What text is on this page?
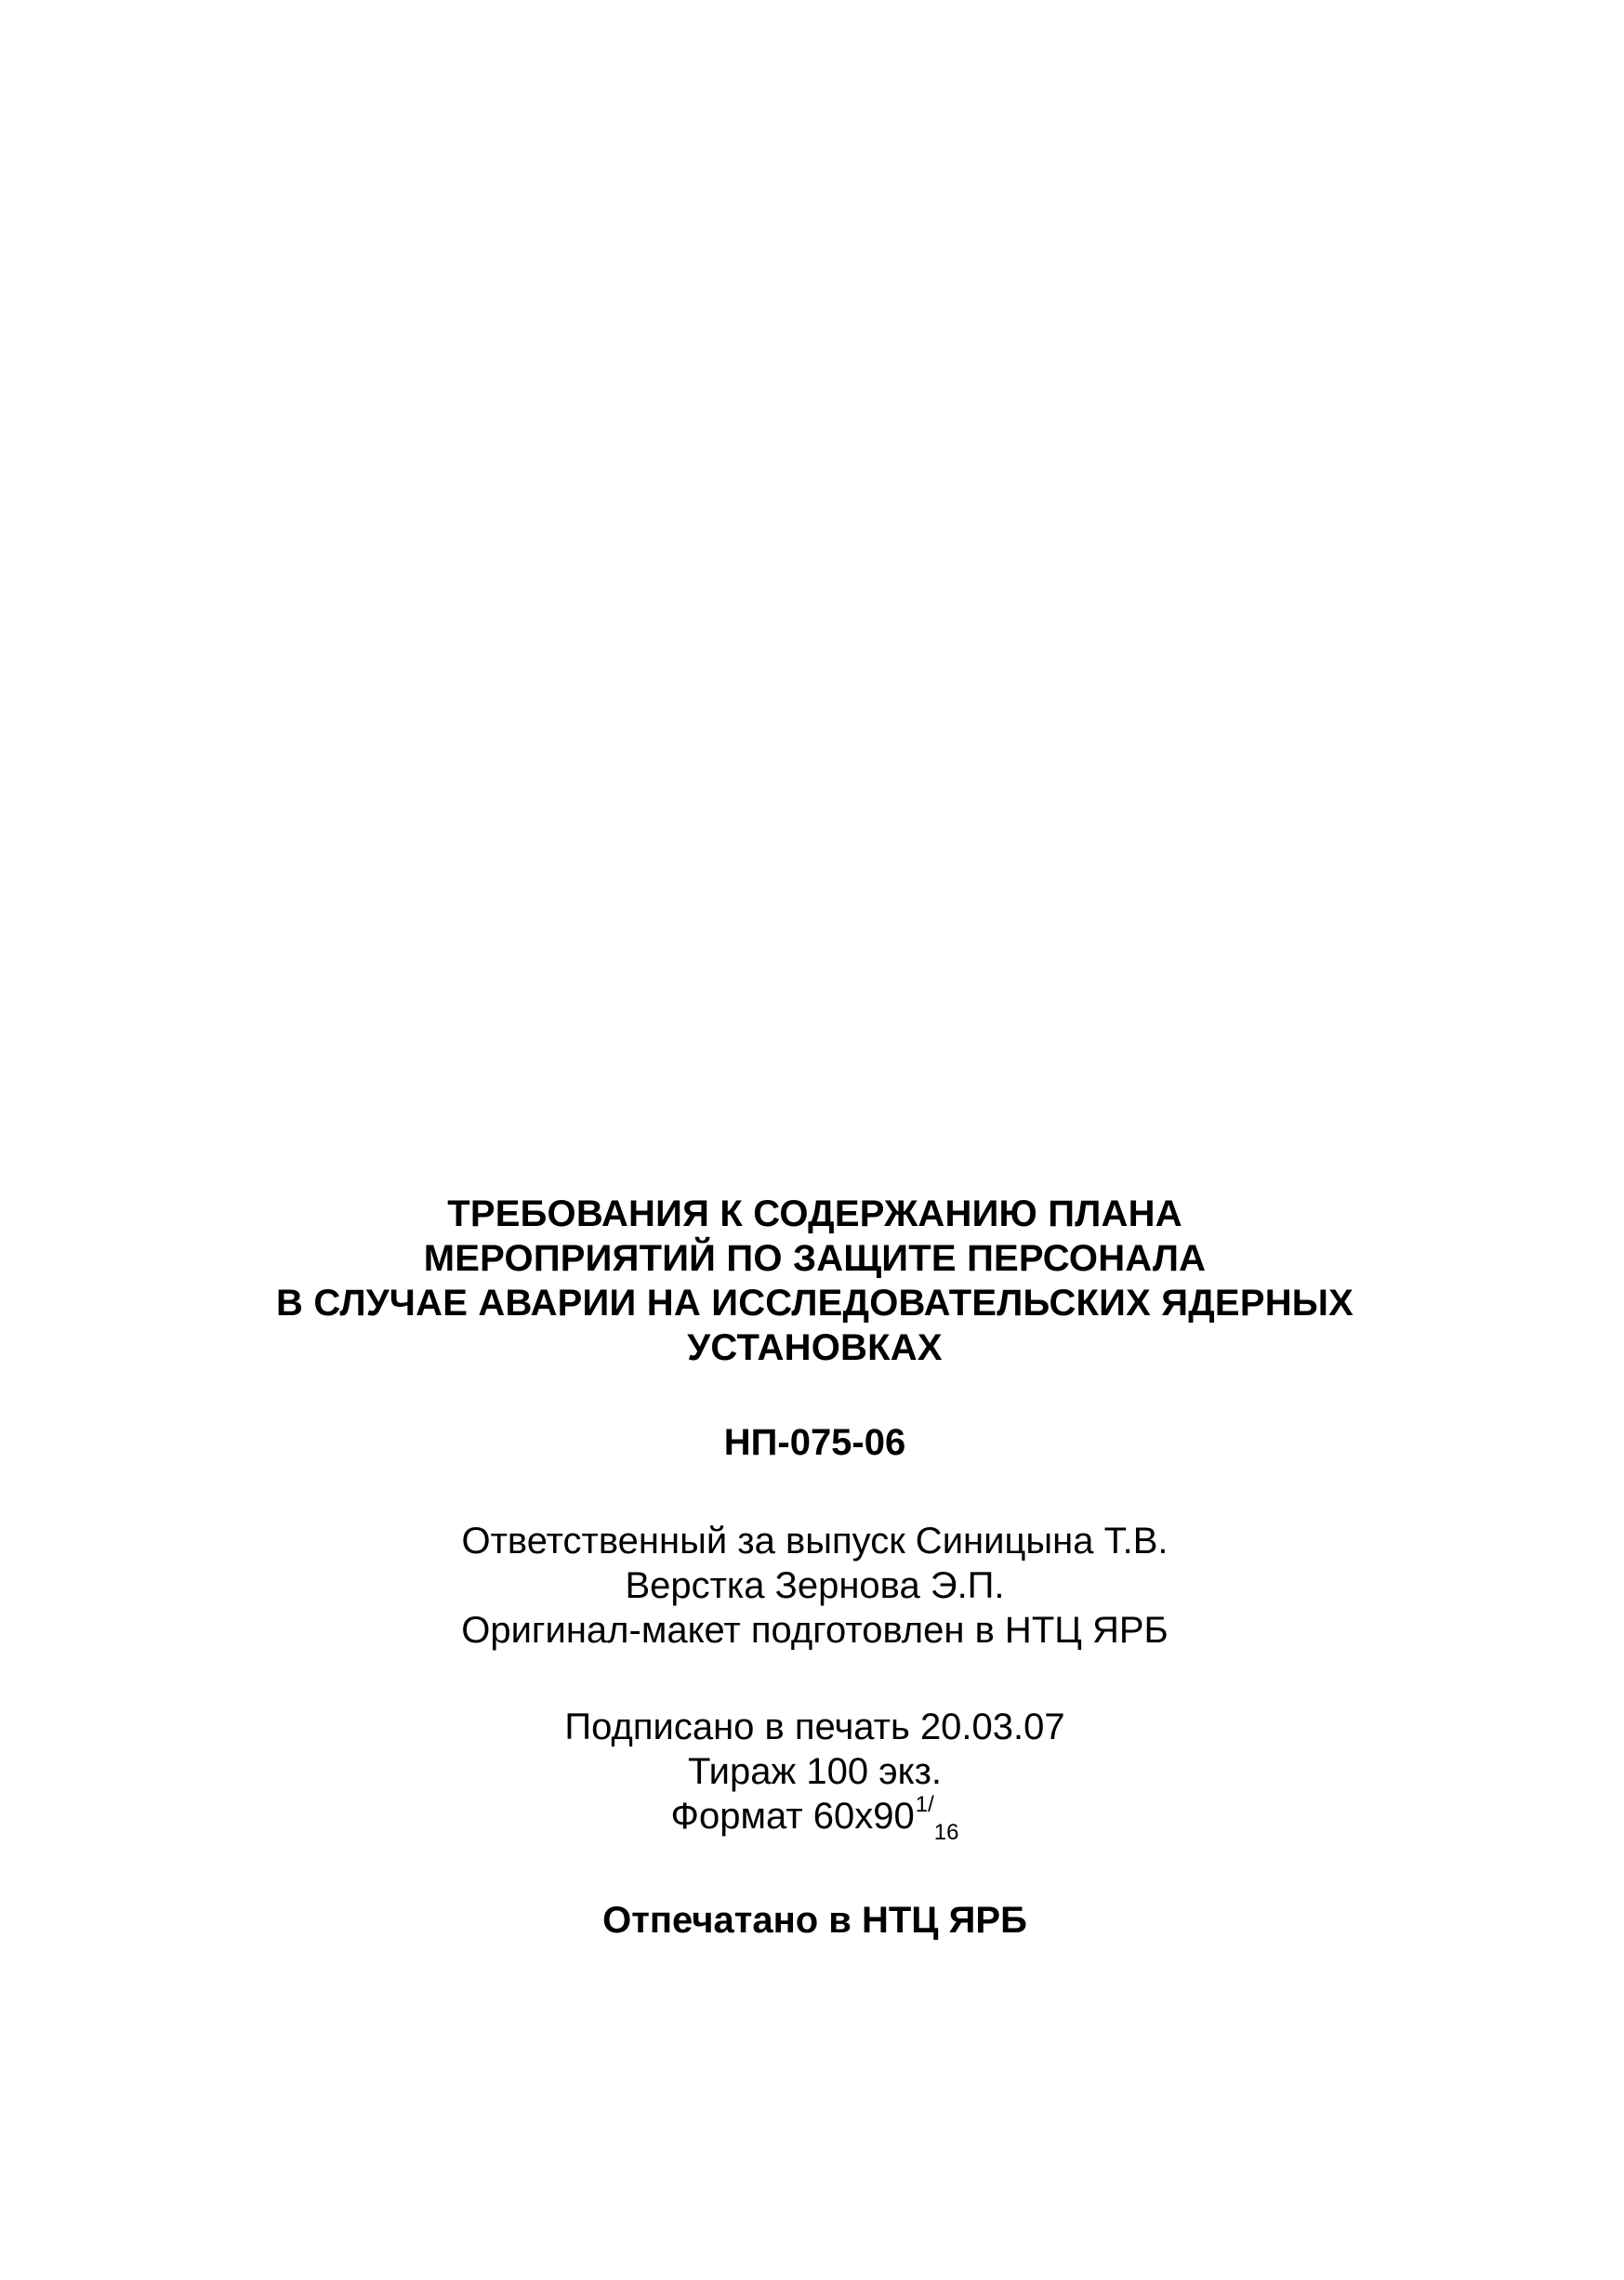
ТРЕБОВАНИЯ К СОДЕРЖАНИЮ ПЛАНА
МЕРОПРИЯТИЙ ПО ЗАЩИТЕ ПЕРСОНАЛА
В СЛУЧАЕ АВАРИИ НА ИССЛЕДОВАТЕЛЬСКИХ ЯДЕРНЫХ
УСТАНОВКАХ

НП-075-06

Ответственный за выпуск Синицына Т.В.
Верстка Зернова Э.П.
Оригинал-макет подготовлен в НТЦ ЯРБ

Подписано в печать 20.03.07
Тираж 100 экз.
Формат $60х90^{1/}_{16}$

Отпечатано в НТЦ ЯРБ
